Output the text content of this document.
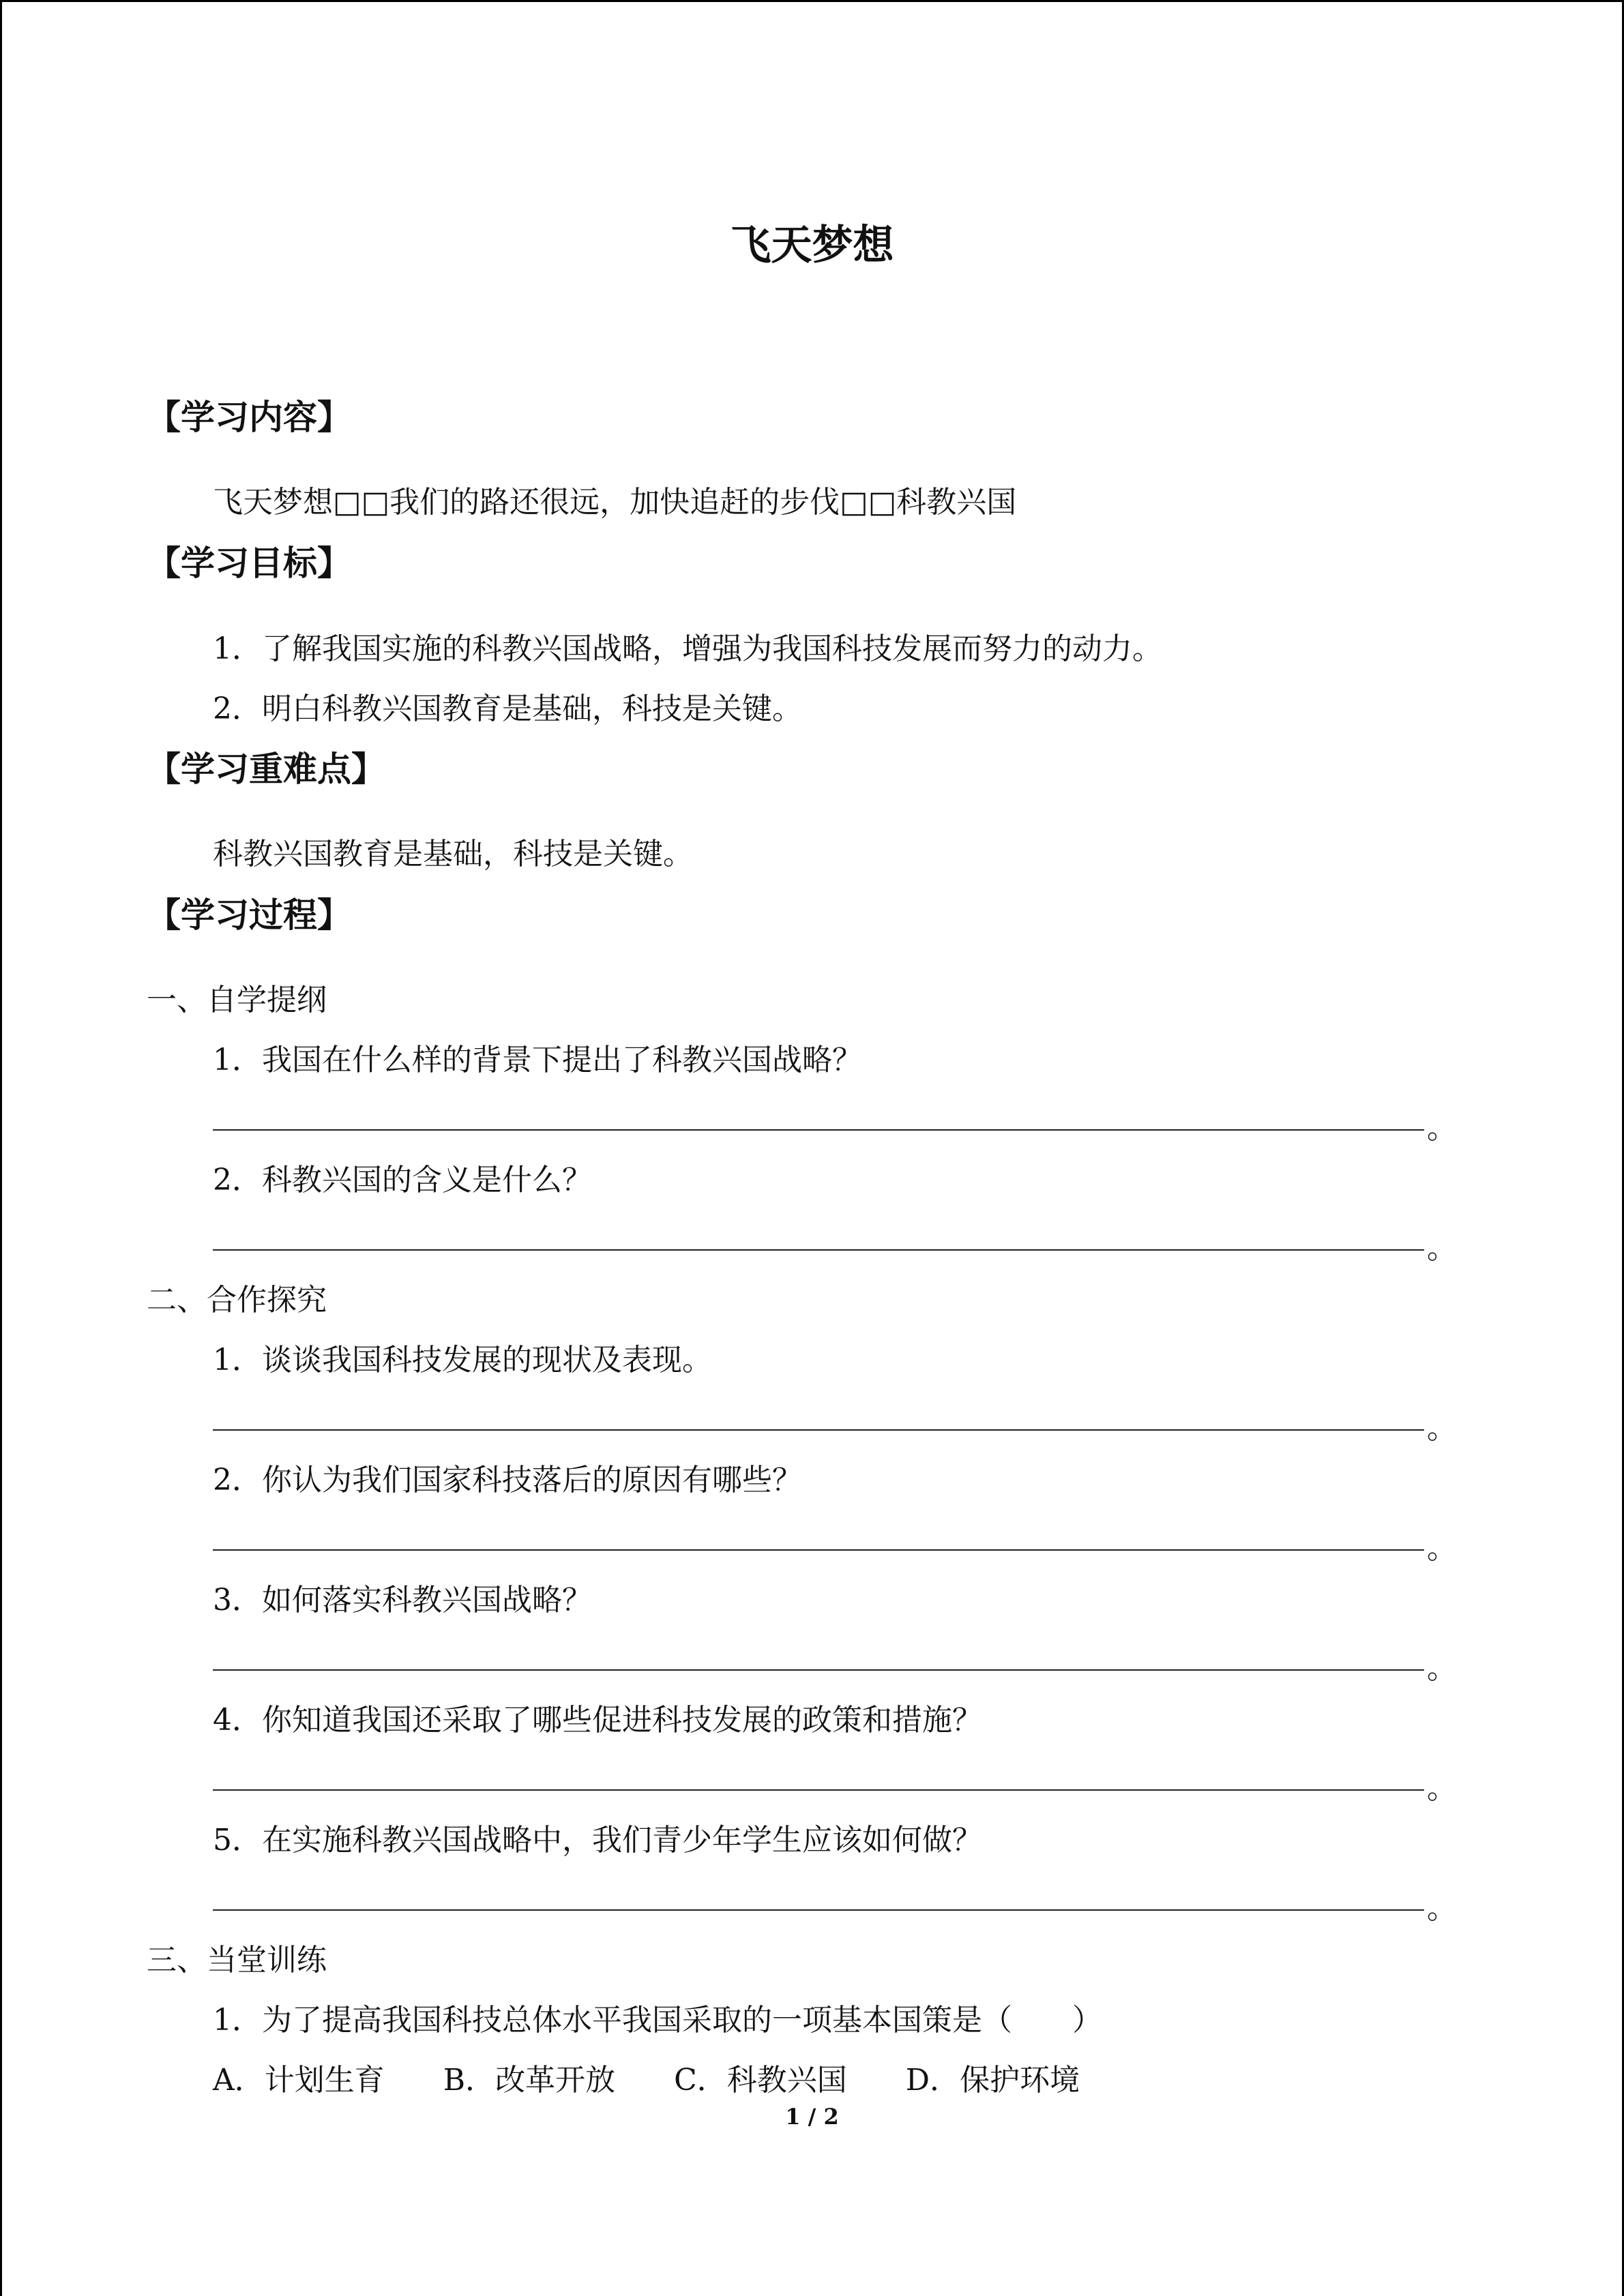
飞天梦想
【学习内容】
飞天梦想□□我们的路还很远，加快追赶的步伐□□科教兴国
【学习目标】
1．了解我国实施的科教兴国战略，增强为我国科技发展而努力的动力。
2．明白科教兴国教育是基础，科技是关键。
【学习重难点】
科教兴国教育是基础，科技是关键。
【学习过程】
一、自学提纲
1．我国在什么样的背景下提出了科教兴国战略？
。
2．科教兴国的含义是什么？
。
二、合作探究
1．谈谈我国科技发展的现状及表现。
。
2．你认为我们国家科技落后的原因有哪些？
。
3．如何落实科教兴国战略？
。
4．你知道我国还采取了哪些促进科技发展的政策和措施？
。
5．在实施科教兴国战略中，我们青少年学生应该如何做？
。
三、当堂训练
1．为了提高我国科技总体水平我国采取的一项基本国策是（　　）
A．计划生育 B．改革开放 C．科教兴国 D．保护环境
1 / 2
